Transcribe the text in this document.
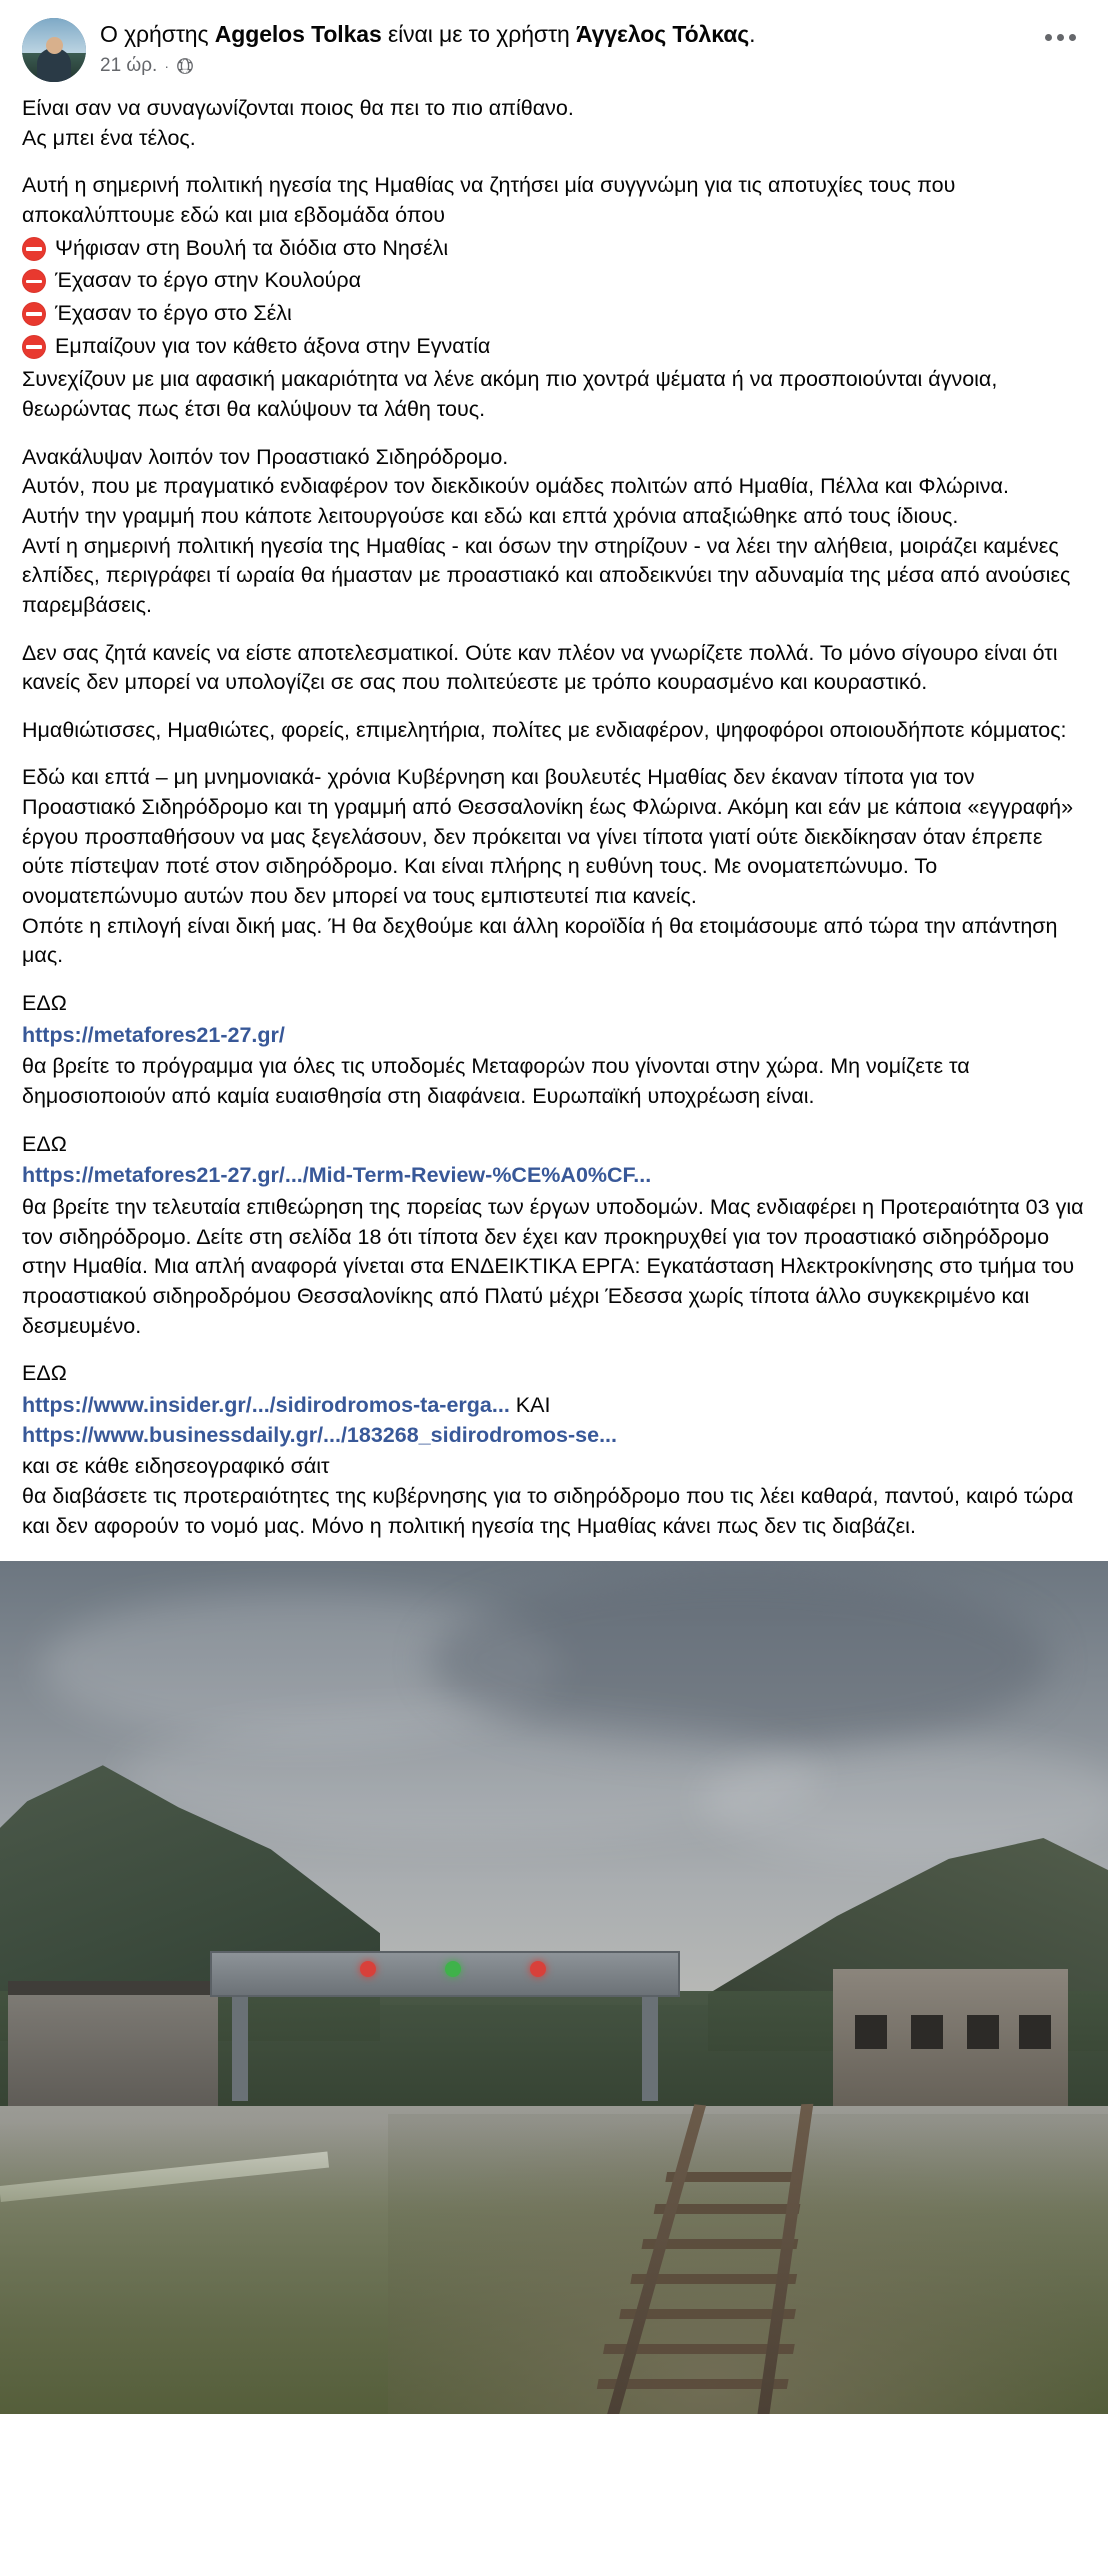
Ο χρήστης Aggelos Tolkas είναι με το χρήστη Άγγελος Τόλκας.
21 ώρ. ·

Είναι σαν να συναγωνίζονται ποιος θα πει το πιο απίθανο.
Ας μπει ένα τέλος.

Αυτή η σημερινή πολιτική ηγεσία της Ημαθίας να ζητήσει μία συγγνώμη για τις αποτυχίες τους που αποκαλύπτουμε εδώ και μια εβδομάδα όπου

Ψήφισαν στη Βουλή τα διόδια στο Νησέλι
Έχασαν το έργο στην Κουλούρα
Έχασαν το έργο στο Σέλι
Εμπαίζουν για τον κάθετο άξονα στην Εγνατία

Συνεχίζουν με μια αφασική μακαριότητα να λένε ακόμη πιο χοντρά ψέματα ή να προσποιούνται άγνοια, θεωρώντας πως έτσι θα καλύψουν τα λάθη τους.

Ανακάλυψαν λοιπόν τον Προαστιακό Σιδηρόδρομο.
Αυτόν, που με πραγματικό ενδιαφέρον τον διεκδικούν ομάδες πολιτών από Ημαθία, Πέλλα και Φλώρινα.
Αυτήν την γραμμή που κάποτε λειτουργούσε και εδώ και επτά χρόνια απαξιώθηκε από τους ίδιους.
Αντί η σημερινή πολιτική ηγεσία της Ημαθίας - και όσων την στηρίζουν - να λέει την αλήθεια, μοιράζει καμένες ελπίδες, περιγράφει τί ωραία θα ήμασταν με προαστιακό και αποδεικνύει την αδυναμία της μέσα από ανούσιες παρεμβάσεις.

Δεν σας ζητά κανείς να είστε αποτελεσματικοί. Ούτε καν πλέον να γνωρίζετε πολλά. Το μόνο σίγουρο είναι ότι κανείς δεν μπορεί να υπολογίζει σε σας που πολιτεύεστε με τρόπο κουρασμένο και κουραστικό.

Ημαθιώτισσες, Ημαθιώτες, φορείς, επιμελητήρια, πολίτες με ενδιαφέρον, ψηφοφόροι οποιουδήποτε κόμματος:

Εδώ και επτά – μη μνημονιακά- χρόνια Κυβέρνηση και βουλευτές Ημαθίας δεν έκαναν τίποτα για τον Προαστιακό Σιδηρόδρομο και τη γραμμή από Θεσσαλονίκη έως Φλώρινα. Ακόμη και εάν με κάποια «εγγραφή» έργου προσπαθήσουν να μας ξεγελάσουν, δεν πρόκειται να γίνει τίποτα γιατί ούτε διεκδίκησαν όταν έπρεπε ούτε πίστεψαν ποτέ στον σιδηρόδρομο. Και είναι πλήρης η ευθύνη τους. Με ονοματεπώνυμο. Το ονοματεπώνυμο αυτών που δεν μπορεί να τους εμπιστευτεί πια κανείς.
Οπότε η επιλογή είναι δική μας. Ή θα δεχθούμε και άλλη κοροϊδία ή θα ετοιμάσουμε από τώρα την απάντηση μας.

ΕΔΩ
https://metafores21-27.gr/

θα βρείτε το πρόγραμμα για όλες τις υποδομές Μεταφορών που γίνονται στην χώρα. Μη νομίζετε τα δημοσιοποιούν από καμία ευαισθησία στη διαφάνεια. Ευρωπαϊκή υποχρέωση είναι.

ΕΔΩ
https://metafores21-27.gr/.../Mid-Term-Review-%CE%A0%CF...

θα βρείτε την τελευταία επιθεώρηση της πορείας των έργων υποδομών. Μας ενδιαφέρει η Προτεραιότητα 03 για τον σιδηρόδρομο. Δείτε στη σελίδα 18 ότι τίποτα δεν έχει καν προκηρυχθεί για τον προαστιακό σιδηρόδρομο στην Ημαθία. Μια απλή αναφορά γίνεται στα ΕΝΔΕΙΚΤΙΚΑ ΕΡΓΑ: Εγκατάσταση Ηλεκτροκίνησης στο τμήμα του προαστιακού σιδηροδρόμου Θεσσαλονίκης από Πλατύ μέχρι Έδεσσα χωρίς τίποτα άλλο συγκεκριμένο και δεσμευμένο.

ΕΔΩ
https://www.insider.gr/.../sidirodromos-ta-erga... ΚΑΙ
https://www.businessdaily.gr/.../183268_sidirodromos-se...

και σε κάθε ειδησεογραφικό σάιτ
θα διαβάσετε τις προτεραιότητες της κυβέρνησης για το σιδηρόδρομο που τις λέει καθαρά, παντού, καιρό τώρα και δεν αφορούν το νομό μας. Μόνο η πολιτική ηγεσία της Ημαθίας κάνει πως δεν τις διαβάζει.
